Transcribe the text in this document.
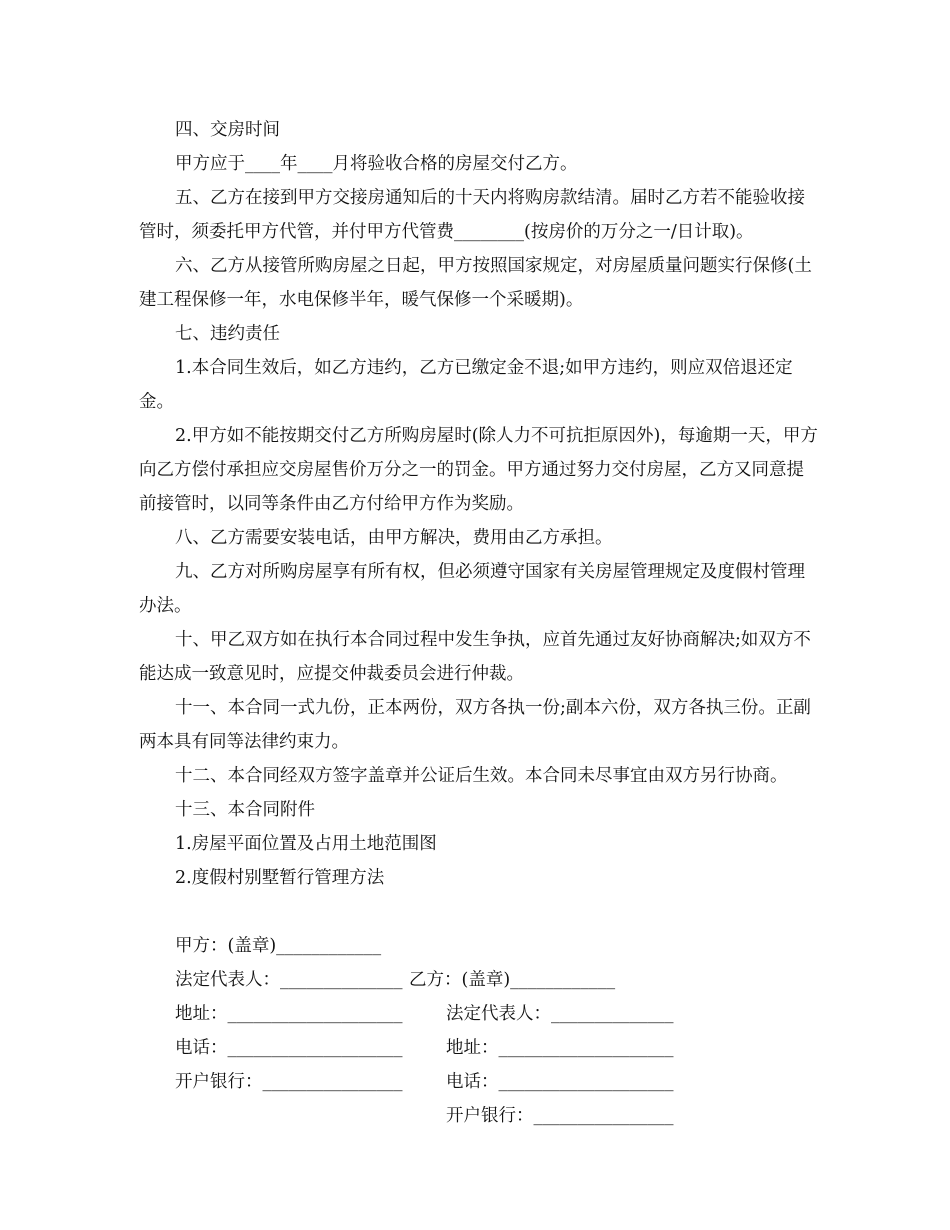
四、交房时间

甲方应于____年____月将验收合格的房屋交付乙方。

五、乙方在接到甲方交接房通知后的十天内将购房款结清。届时乙方若不能验收接管时，须委托甲方代管，并付甲方代管费________(按房价的万分之一/日计取)。

六、乙方从接管所购房屋之日起，甲方按照国家规定，对房屋质量问题实行保修(土建工程保修一年，水电保修半年，暖气保修一个采暖期)。

七、违约责任

1.本合同生效后，如乙方违约，乙方已缴定金不退;如甲方违约，则应双倍退还定金。

2.甲方如不能按期交付乙方所购房屋时(除人力不可抗拒原因外)，每逾期一天，甲方向乙方偿付承担应交房屋售价万分之一的罚金。甲方通过努力交付房屋，乙方又同意提前接管时，以同等条件由乙方付给甲方作为奖励。

八、乙方需要安装电话，由甲方解决，费用由乙方承担。

九、乙方对所购房屋享有所有权，但必须遵守国家有关房屋管理规定及度假村管理办法。

十、甲乙双方如在执行本合同过程中发生争执，应首先通过友好协商解决;如双方不能达成一致意见时，应提交仲裁委员会进行仲裁。

十一、本合同一式九份，正本两份，双方各执一份;副本六份，双方各执三份。正副两本具有同等法律约束力。

十二、本合同经双方签字盖章并公证后生效。本合同未尽事宜由双方另行协商。

十三、本合同附件

1.房屋平面位置及占用土地范围图

2.度假村别墅暂行管理方法

甲方：(盖章)____________

乙方：(盖章)____________

法定代表人：______________

法定代表人：______________

地址：____________________

地址：____________________

电话：____________________

电话：____________________

开户银行：________________

开户银行：________________
